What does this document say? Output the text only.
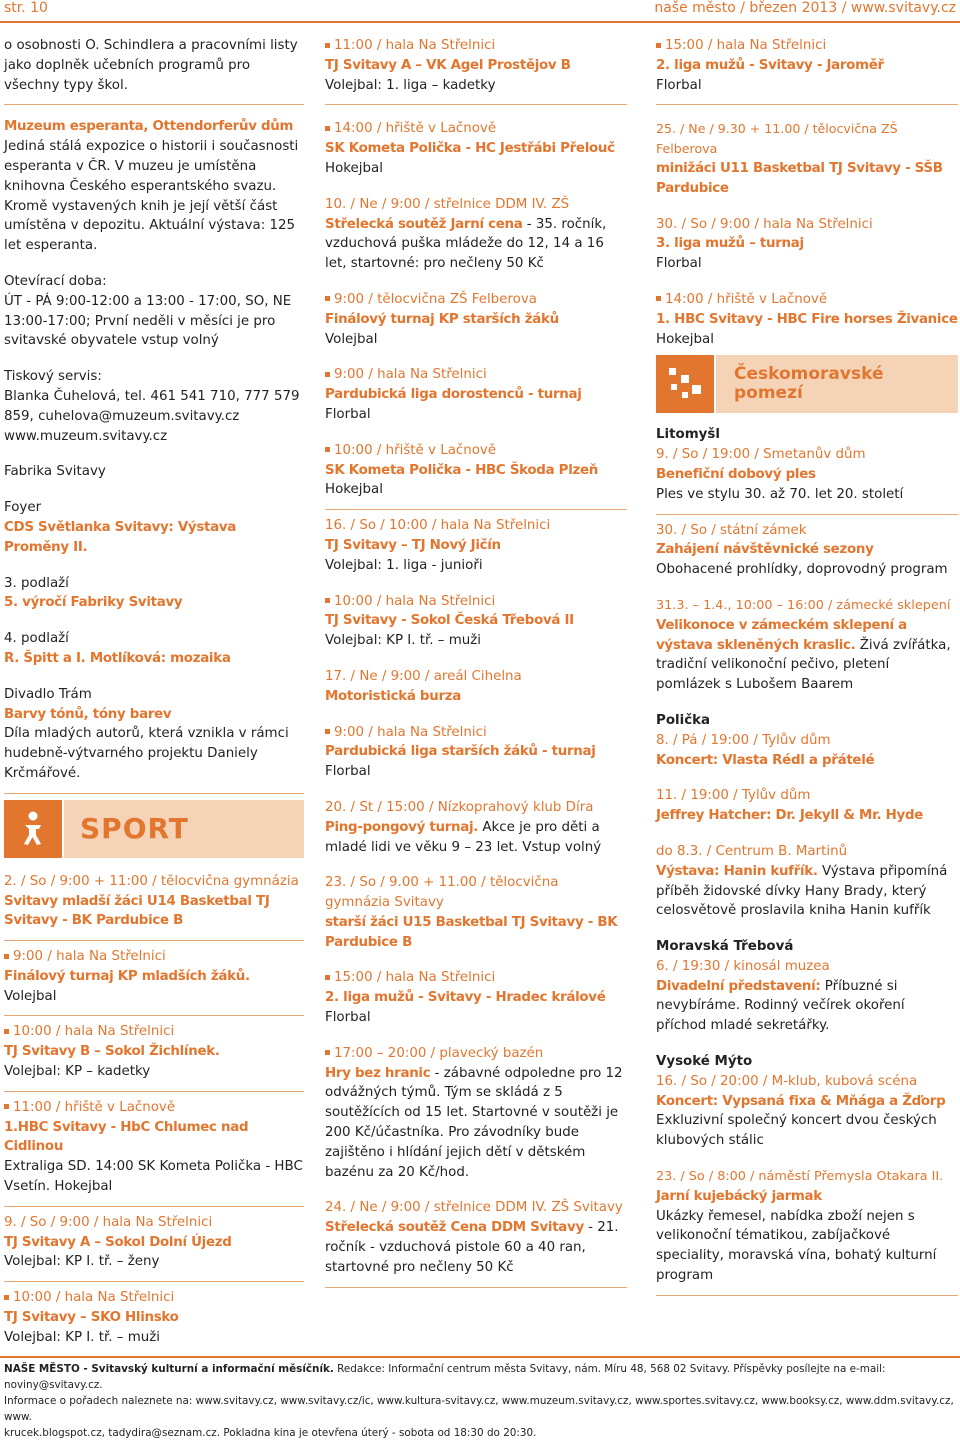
str. 10	naše město / březen 2013 / www.svitavy.cz
o osobnosti O. Schindlera a pracovními listy jako doplněk učebních programů pro všechny typy škol.
Muzeum esperanta, Ottendorferův dům
Jediná stálá expozice o historii i současnosti esperanta v ČR. V muzeu je umístěna knihovna Českého esperantského svazu. Kromě vystavených knih je její větší část umístěna v depozitu. Aktuální výstava: 125 let esperanta.
Otevírací doba:
ÚT - PÁ 9:00-12:00 a 13:00 - 17:00, SO, NE 13:00-17:00; První neděli v měsíci je pro svitavské obyvatele vstup volný
Tiskový servis:
Blanka Čuhelová, tel. 461 541 710, 777 579 859, cuhelova@muzeum.svitavy.cz
www.muzeum.svitavy.cz
Fabrika Svitavy
Foyer
CDS Světlanka Svitavy: Výstava Proměny II.
3. podlaží
5. výročí Fabriky Svitavy
4. podlaží
R. Špitt a I. Motlíková: mozaika
Divadlo Trám
Barvy tónů, tóny barev
Díla mladých autorů, která vznikla v rámci hudebně-výtvarného projektu Daniely Krčmářové.
SPORT
2. / So / 9:00 + 11:00 / tělocvična gymnázia
Svitavy mladší žáci U14 Basketbal TJ Svitavy - BK Pardubice B
9:00 / hala Na Střelnici
Finálový turnaj KP mladších žáků. Volejbal
10:00 / hala Na Střelnici
TJ Svitavy B – Sokol Žichlínek.
Volejbal: KP – kadetky
11:00 / hřiště v Lačnově
1.HBC Svitavy - HbC Chlumec nad Cidlinou
Extraliga SD. 14:00 SK Kometa Polička - HBC Vsetín. Hokejbal
9. / So / 9:00 / hala Na Střelnici
TJ Svitavy A – Sokol Dolní Újezd
Volejbal: KP I. tř. – ženy
10:00 / hala Na Střelnici
TJ Svitavy – SKO Hlinsko
Volejbal: KP I. tř. – muži
11:00 / hala Na Střelnici
TJ Svitavy A – VK Agel Prostějov B
Volejbal: 1. liga – kadetky
14:00 / hřiště v Lačnově
SK Kometa Polička - HC Jestřábi Přelouč
Hokejbal
10. / Ne / 9:00 / střelnice DDM IV. ZŠ
Střelecká soutěž Jarní cena - 35. ročník, vzduchová puška mládeže do 12, 14 a 16 let, startovné: pro nečleny 50 Kč
9:00 / tělocvična ZŠ Felberova
Finálový turnaj KP starších žáků
Volejbal
9:00 / hala Na Střelnici
Pardubická liga dorostenců - turnaj
Florbal
10:00 / hřiště v Lačnově
SK Kometa Polička - HBC Škoda Plzeň
Hokejbal
16. / So / 10:00 / hala Na Střelnici
TJ Svitavy – TJ Nový Jičín
Volejbal: 1. liga - junioři
10:00 / hala Na Střelnici
TJ Svitavy - Sokol Česká Třebová II
Volejbal: KP I. tř. – muži
17. / Ne / 9:00 / areál Cihelna
Motoristická burza
9:00 / hala Na Střelnici
Pardubická liga starších žáků - turnaj
Florbal
20. / St / 15:00 / Nízkoprahový klub Díra
Ping-pongový turnaj. Akce je pro děti a mladé lidi ve věku 9 – 23 let. Vstup volný
23. / So / 9.00 + 11.00 / tělocvična gymnázia Svitavy
starší žáci U15 Basketbal TJ Svitavy - BK Pardubice B
15:00 / hala Na Střelnici
2. liga mužů - Svitavy - Hradec králové
Florbal
17:00 – 20:00 / plavecký bazén
Hry bez hranic - zábavné odpoledne pro 12 odvážných týmů. Tým se skládá z 5 soutěžících od 15 let. Startovné v soutěži je 200 Kč/účastníka. Pro závodníky bude zajištěno i hlídání jejich dětí v dětském bazénu za 20 Kč/hod.
24. / Ne / 9:00 / střelnice DDM IV. ZŠ Svitavy
Střelecká soutěž Cena DDM Svitavy - 21. ročník - vzduchová pistole 60 a 40 ran, startovné pro nečleny 50 Kč
15:00 / hala Na Střelnici
2. liga mužů - Svitavy - Jaroměř
Florbal
25. / Ne / 9.30 + 11.00 / tělocvična ZŠ Felberova
minižáci U11 Basketbal TJ Svitavy - SŠB Pardubice
30. / So / 9:00 / hala Na Střelnici
3. liga mužů – turnaj
Florbal
14:00 / hřiště v Lačnově
1. HBC Svitavy - HBC Fire horses Živanice
Hokejbal
Českomoravské pomezí
Litomyšl
9. / So / 19:00 / Smetanův dům
Benefiční dobový ples
Ples ve stylu 30. až 70. let 20. století
30. / So / státní zámek
Zahájení návštěvnické sezony
Obohacené prohlídky, doprovodný program
31.3. – 1.4., 10:00 – 16:00 / zámecké sklepení
Velikonoce v zámeckém sklepení a výstava skleněných kraslic. Živá zvířátka, tradiční velikonoční pečivo, pletení pomlázek s Lubošem Baarem
Polička
8. / Pá / 19:00 / Tylův dům
Koncert: Vlasta Rédl a přátelé
11. / 19:00 / Tylův dům
Jeffrey Hatcher: Dr. Jekyll & Mr. Hyde
do 8.3. / Centrum B. Martinů
Výstava: Hanin kufřík. Výstava připomíná příběh židovské dívky Hany Brady, který celosvětově proslavila kniha Hanin kufřík
Moravská Třebová
6. / 19:30 / kinosál muzea
Divadelní představení: Příbuzné si nevybíráme. Rodinný večírek okoření příchod mladé sekretářky.
Vysoké Mýto
16. / So / 20:00 / M-klub, kubová scéna
Koncert: Vypsaná fixa & Mňága a Žďorp
Exkluzivní společný koncert dvou českých klubových stálic
23. / So / 8:00 / náměstí Přemysla Otakara II.
Jarní kujebácký jarmak
Ukázky řemesel, nabídka zboží nejen s velikonoční tématikou, zabíjačkové speciality, moravská vína, bohatý kulturní program
NAŠE MĚSTO - Svitavský kulturní a informační měsíčník. Redakce: Informační centrum města Svitavy, nám. Míru 48, 568 02 Svitavy. Příspěvky posílejte na e-mail: noviny@svitavy.cz.
Informace o pořadech naleznete na: www.svitavy.cz, www.svitavy.cz/ic, www.kultura-svitavy.cz, www.muzeum.svitavy.cz, www.sportes.svitavy.cz, www.booksy.cz, www.ddm.svitavy.cz, www.
krucek.blogspot.cz, tadydira@seznam.cz. Pokladna kina je otevřena úterý - sobota od 18:30 do 20:30.
